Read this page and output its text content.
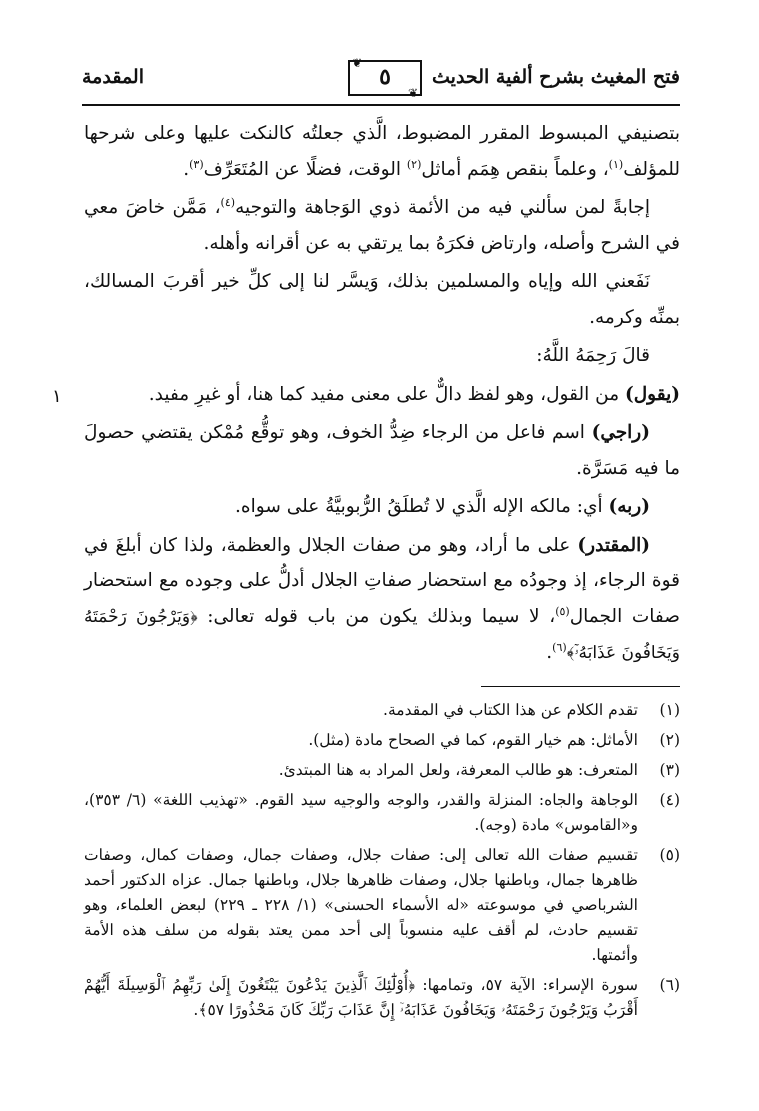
فتح المغيث بشرح ألفية الحديث
❦
٥
❦
المقدمة
١

بتصنيفي المبسوط المقرر المضبوط، الَّذي جعلتُه كالنكت عليها وعلى شرحها للمؤلف$^{(١)}$، وعلماً بنقص هِمَم أماثل$^{(٢)}$ الوقت، فضلًا عن المُتَعَرِّف$^{(٣)}$.

إجابةً لمن سألني فيه من الأئمة ذوي الوَجاهة والتوجيه$^{(٤)}$، مَمَّن خاضَ معي في الشرح وأصله، وارتاض فكرَهُ بما يرتقي به عن أقرانه وأهله.

نَفَعني الله وإياه والمسلمين بذلك، وَيسَّر لنا إلى كلِّ خير أقربَ المسالك، بمنِّه وكرمه.

قالَ رَحِمَهُ اللَّهُ:

(يقول) من القول، وهو لفظ دالٌّ على معنى مفيد كما هنا، أو غيرِ مفيد.

(راجي) اسم فاعل من الرجاء ضِدُّ الخوف، وهو توقُّع مُمْكن يقتضي حصولَ ما فيه مَسَرَّة.

(ربه) أي: مالكه الإله الَّذي لا تُطلَقُ الرُّبوبيَّةُ على سواه.

(المقتدر) على ما أراد، وهو من صفات الجلال والعظمة، ولذا كان أبلغَ في قوة الرجاء، إذ وجودُه مع استحضار صفاتِ الجلال أدلُّ على وجوده مع استحضار صفات الجمال$^{(٥)}$، لا سيما وبذلك يكون من باب قوله تعالى: ﴿وَيَرْجُونَ رَحْمَتَهُ وَيَخَافُونَ عَذَابَهُۥٓ﴾$^{(٦)}$.

(١)
تقدم الكلام عن هذا الكتاب في المقدمة.
(٢)
الأماثل: هم خيار القوم، كما في الصحاح مادة (مثل).
(٣)
المتعرف: هو طالب المعرفة، ولعل المراد به هنا المبتدئ.
(٤)
الوجاهة والجاه: المنزلة والقدر، والوجه والوجيه سيد القوم. «تهذيب اللغة» (٦/ ٣٥٣)، و«القاموس» مادة (وجه).
(٥)
تقسيم صفات الله تعالى إلى: صفات جلال، وصفات جمال، وصفات كمال، وصفات ظاهرها جمال، وباطنها جلال، وصفات ظاهرها جلال، وباطنها جمال. عزاه الدكتور أحمد الشرباصي في موسوعته «له الأسماء الحسنى» (١/ ٢٢٨ ـ ٢٢٩) لبعض العلماء، وهو تقسيم حادث، لم أقف عليه منسوباً إلى أحد ممن يعتد بقوله من سلف هذه الأمة وأئمتها.
(٦)
سورة الإسراء: الآية ٥٧، وتمامها: ﴿أُوْلَٰٓئِكَ ٱلَّذِينَ يَدْعُونَ يَبْتَغُونَ إِلَىٰ رَبِّهِمُ ٱلْوَسِيلَةَ أَيُّهُمْ أَقْرَبُ وَيَرْجُونَ رَحْمَتَهُۥ وَيَخَافُونَ عَذَابَهُۥٓ إِنَّ عَذَابَ رَبِّكَ كَانَ مَحْذُورًا ٥٧﴾.
